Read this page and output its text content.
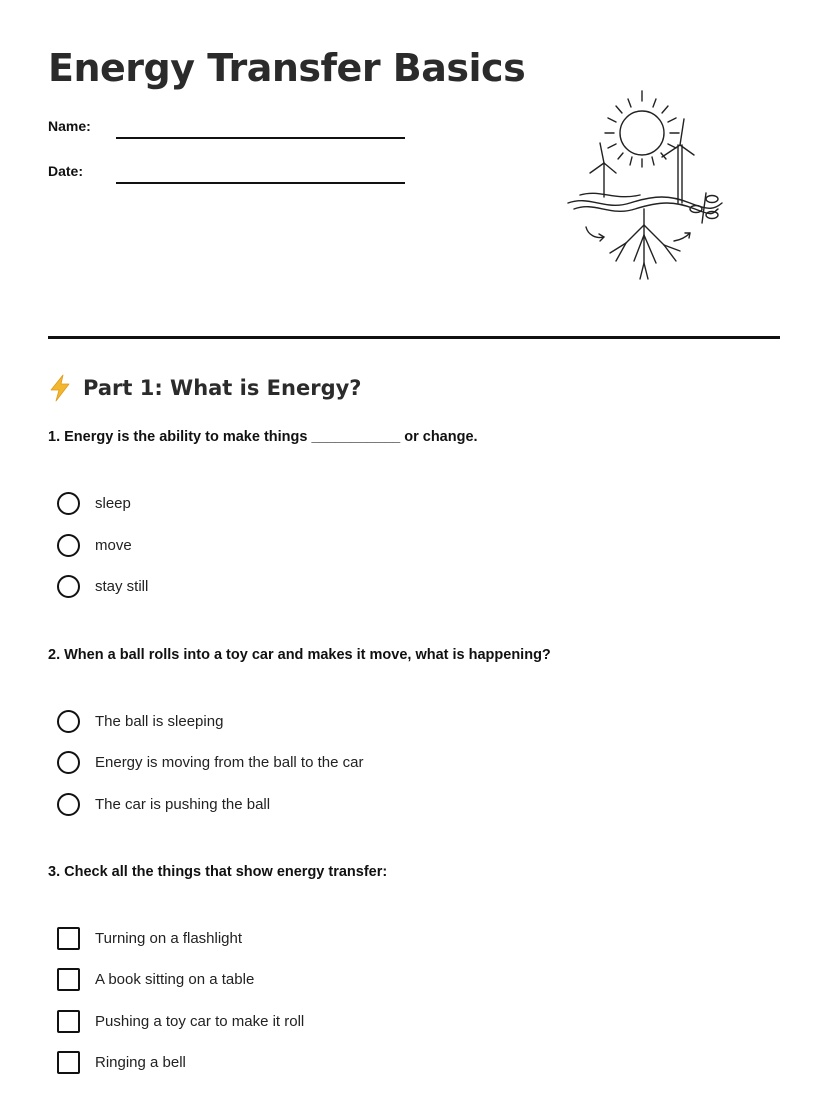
Energy Transfer Basics
Name:
Date:
Part 1: What is Energy?
1. Energy is the ability to make things ___________ or change.
sleep
move
stay still
2. When a ball rolls into a toy car and makes it move, what is happening?
The ball is sleeping
Energy is moving from the ball to the car
The car is pushing the ball
3. Check all the things that show energy transfer:
Turning on a flashlight
A book sitting on a table
Pushing a toy car to make it roll
Ringing a bell
